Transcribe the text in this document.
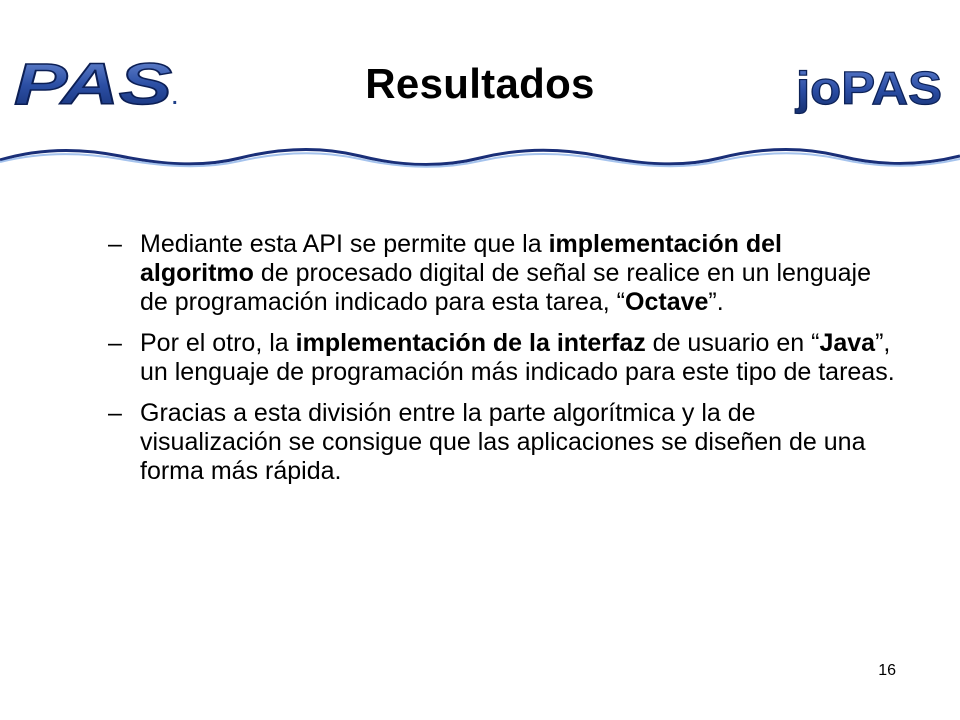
PAS .	Resultados	joPAS
– Mediante esta API se permite que la implementación del algoritmo de procesado digital de señal se realice en un lenguaje de programación indicado para esta tarea, “Octave”.
– Por el otro, la implementación de la interfaz de usuario en “Java”, un lenguaje de programación más indicado para este tipo de tareas.
– Gracias a esta división entre la parte algorítmica y la de visualización se consigue que las aplicaciones se diseñen de una forma más rápida.
16
